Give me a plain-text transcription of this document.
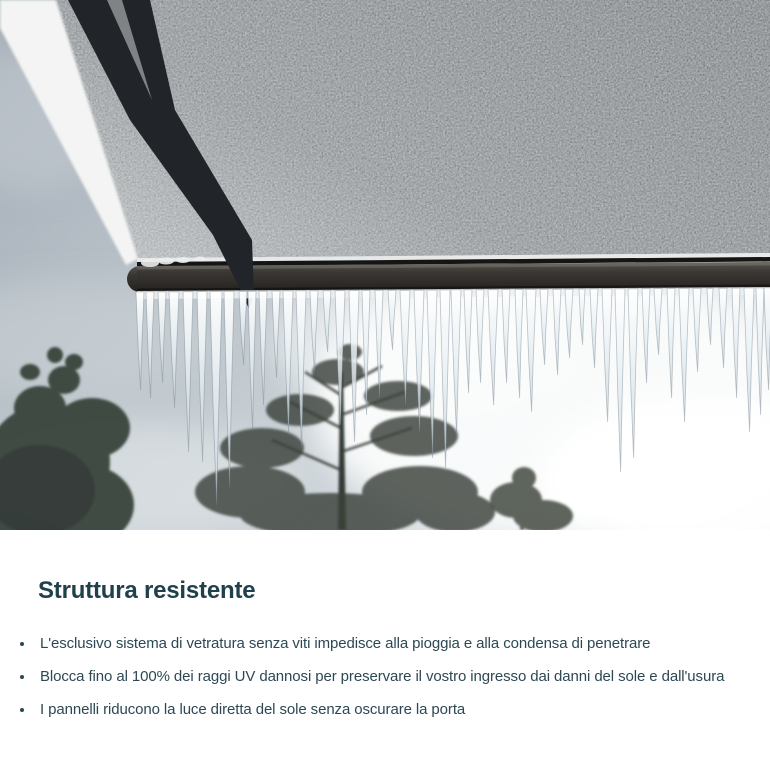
Struttura resistente
L'esclusivo sistema di vetratura senza viti impedisce alla pioggia e alla condensa di penetrare
Blocca fino al 100% dei raggi UV dannosi per preservare il vostro ingresso dai danni del sole e dall'usura
I pannelli riducono la luce diretta del sole senza oscurare la porta
